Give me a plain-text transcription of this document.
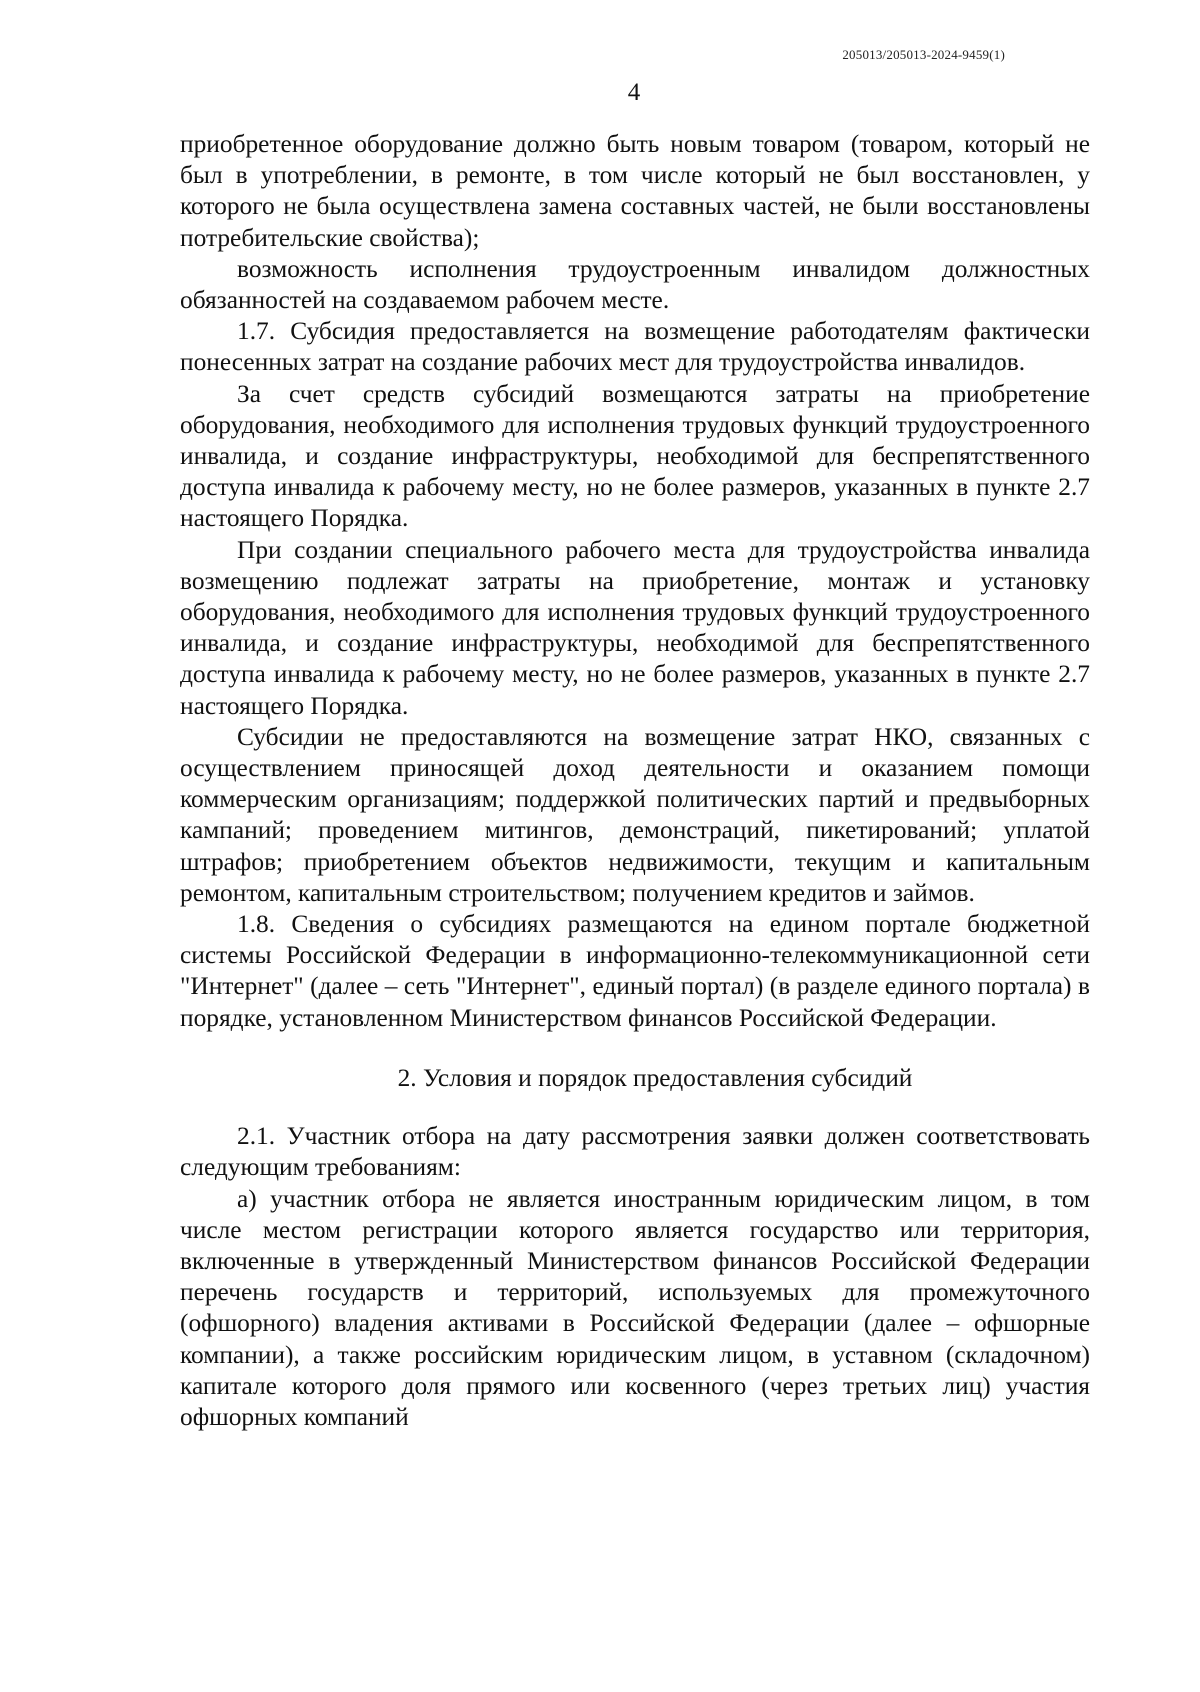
205013/205013-2024-9459(1)
4

приобретенное оборудование должно быть новым товаром (товаром, который не был в употреблении, в ремонте, в том числе который не был восстановлен, у которого не была осуществлена замена составных частей, не были восстановлены потребительские свойства);

возможность исполнения трудоустроенным инвалидом должностных обязанностей на создаваемом рабочем месте.

1.7. Субсидия предоставляется на возмещение работодателям фактически понесенных затрат на создание рабочих мест для трудоустройства инвалидов.

За счет средств субсидий возмещаются затраты на приобретение оборудования, необходимого для исполнения трудовых функций трудоустроенного инвалида, и создание инфраструктуры, необходимой для беспрепятственного доступа инвалида к рабочему месту, но не более размеров, указанных в пункте 2.7 настоящего Порядка.

При создании специального рабочего места для трудоустройства инвалида возмещению подлежат затраты на приобретение, монтаж и установку оборудования, необходимого для исполнения трудовых функций трудоустроенного инвалида, и создание инфраструктуры, необходимой для беспрепятственного доступа инвалида к рабочему месту, но не более размеров, указанных в пункте 2.7 настоящего Порядка.

Субсидии не предоставляются на возмещение затрат НКО, связанных с осуществлением приносящей доход деятельности и оказанием помощи коммерческим организациям; поддержкой политических партий и предвыборных кампаний; проведением митингов, демонстраций, пикетирований; уплатой штрафов; приобретением объектов недвижимости, текущим и капитальным ремонтом, капитальным строительством; получением кредитов и займов.

1.8. Сведения о субсидиях размещаются на едином портале бюджетной системы Российской Федерации в информационно-телекоммуникационной сети "Интернет" (далее – сеть "Интернет", единый портал) (в разделе единого портала) в порядке, установленном Министерством финансов Российской Федерации.

2. Условия и порядок предоставления субсидий

2.1. Участник отбора на дату рассмотрения заявки должен соответствовать следующим требованиям:

а) участник отбора не является иностранным юридическим лицом, в том числе местом регистрации которого является государство или территория, включенные в утвержденный Министерством финансов Российской Федерации перечень государств и территорий, используемых для промежуточного (офшорного) владения активами в Российской Федерации (далее – офшорные компании), а также российским юридическим лицом, в уставном (складочном) капитале которого доля прямого или косвенного (через третьих лиц) участия офшорных компаний
